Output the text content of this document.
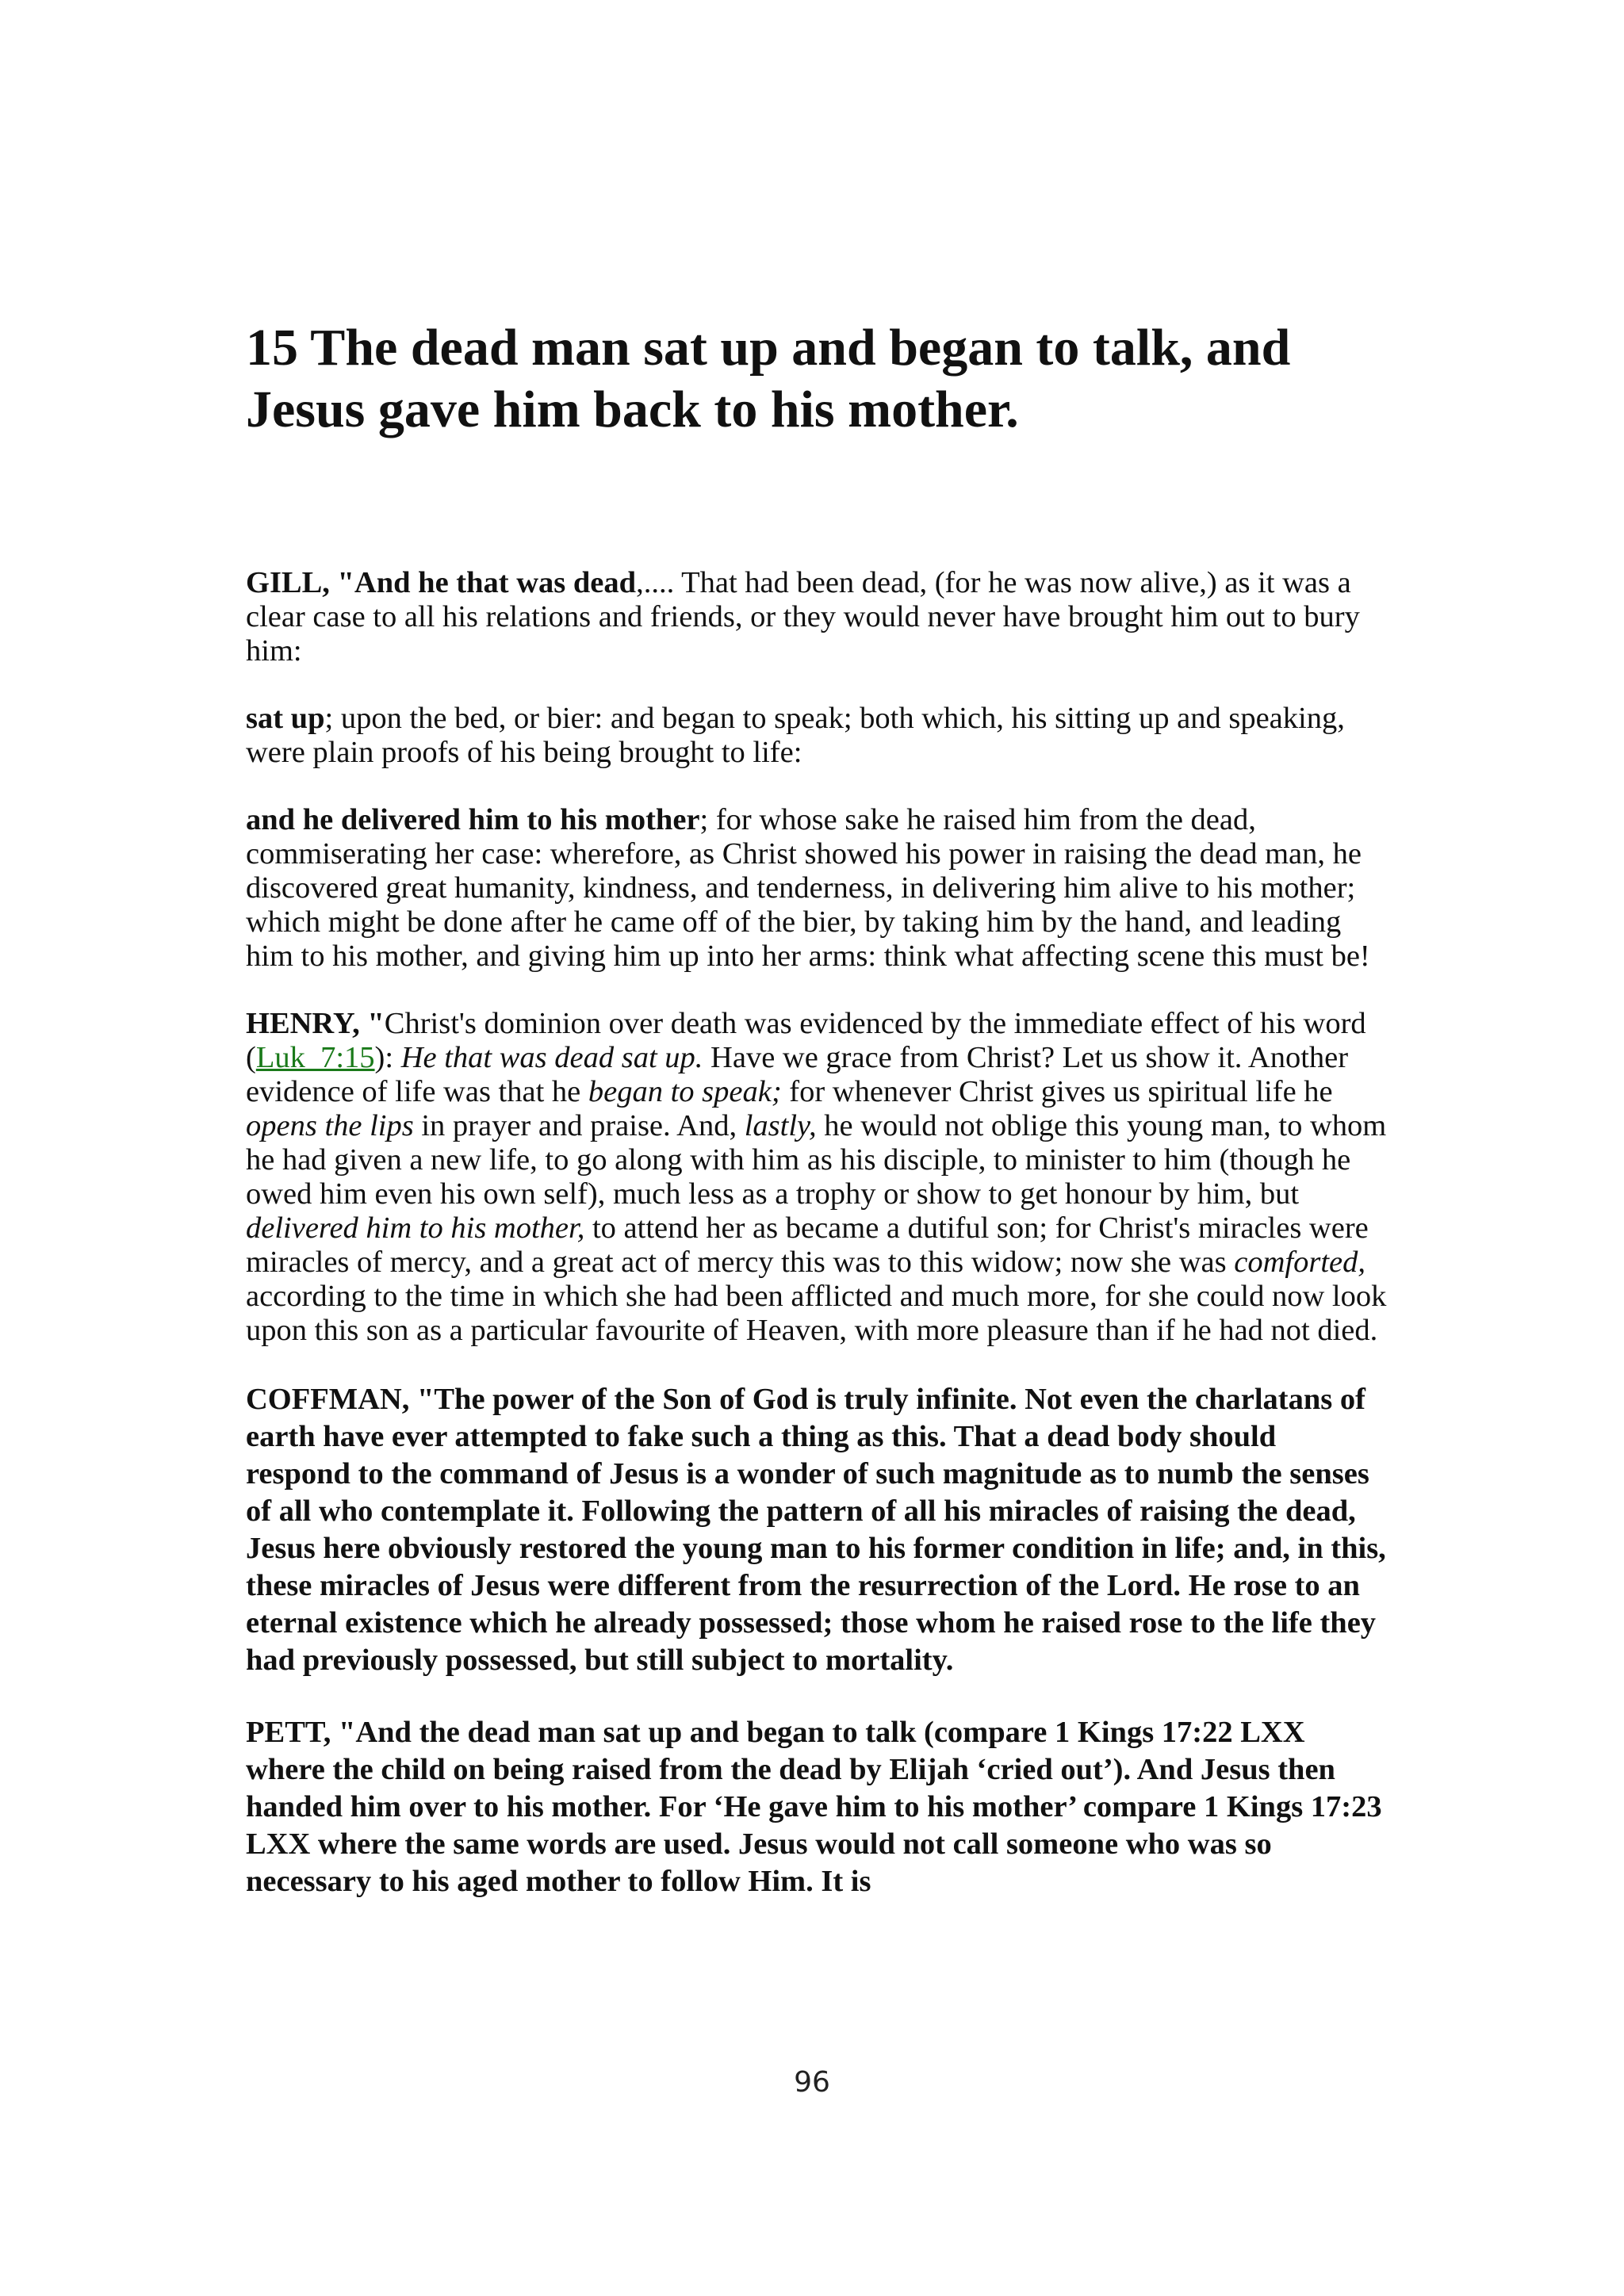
15 The dead man sat up and began to talk, and
Jesus gave him back to his mother.

GILL, "And he that was dead,.... That had been dead, (for he was now alive,) as it was a clear case to all his relations and friends, or they would never have brought him out to bury him:

sat up; upon the bed, or bier: and began to speak; both which, his sitting up and speaking, were plain proofs of his being brought to life:

and he delivered him to his mother; for whose sake he raised him from the dead, commiserating her case: wherefore, as Christ showed his power in raising the dead man, he discovered great humanity, kindness, and tenderness, in delivering him alive to his mother; which might be done after he came off of the bier, by taking him by the hand, and leading him to his mother, and giving him up into her arms: think what affecting scene this must be!

HENRY, "Christ's dominion over death was evidenced by the immediate effect of his word (Luk_7:15): He that was dead sat up. Have we grace from Christ? Let us show it. Another evidence of life was that he began to speak; for whenever Christ gives us spiritual life he opens the lips in prayer and praise. And, lastly, he would not oblige this young man, to whom he had given a new life, to go along with him as his disciple, to minister to him (though he owed him even his own self), much less as a trophy or show to get honour by him, but delivered him to his mother, to attend her as became a dutiful son; for Christ's miracles were miracles of mercy, and a great act of mercy this was to this widow; now she was comforted, according to the time in which she had been afflicted and much more, for she could now look upon this son as a particular favourite of Heaven, with more pleasure than if he had not died.

COFFMAN, "The power of the Son of God is truly infinite. Not even the charlatans of earth have ever attempted to fake such a thing as this. That a dead body should respond to the command of Jesus is a wonder of such magnitude as to numb the senses of all who contemplate it. Following the pattern of all his miracles of raising the dead, Jesus here obviously restored the young man to his former condition in life; and, in this, these miracles of Jesus were different from the resurrection of the Lord. He rose to an eternal existence which he already possessed; those whom he raised rose to the life they had previously possessed, but still subject to mortality.

PETT, "And the dead man sat up and began to talk (compare 1 Kings 17:22 LXX where the child on being raised from the dead by Elijah ‘cried out’). And Jesus then handed him over to his mother. For ‘He gave him to his mother’ compare 1 Kings 17:23 LXX where the same words are used. Jesus would not call someone who was so necessary to his aged mother to follow Him. It is

96
